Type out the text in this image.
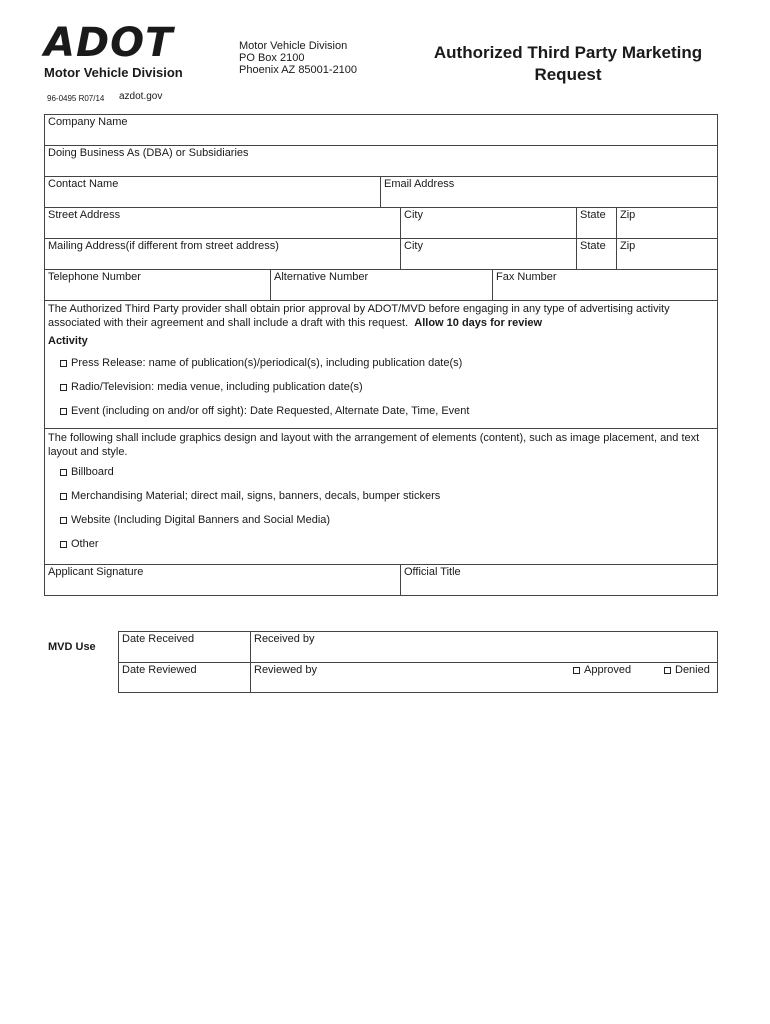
ADOT
Motor Vehicle Division
96-0495 R07/14 azdot.gov
Motor Vehicle Division
PO Box 2100
Phoenix AZ 85001-2100
Authorized Third Party Marketing
Request
Company Name
Doing Business As (DBA) or Subsidiaries
Contact Name	Email Address
Street Address	City	State Zip
Mailing Address(if different from street address)	City	State Zip
Telephone Number	Alternative Number	Fax Number
The Authorized Third Party provider shall obtain prior approval by ADOT/MVD before engaging in any type of advertising activity associated with their agreement and shall include a draft with this request. Allow 10 days for review
Activity
Press Release: name of publication(s)/periodical(s), including publication date(s)
Radio/Television: media venue, including publication date(s)
Event (including on and/or off sight): Date Requested, Alternate Date, Time, Event
The following shall include graphics design and layout with the arrangement of elements (content), such as image placement, and text layout and style.
Billboard
Merchandising Material; direct mail, signs, banners, decals, bumper stickers
Website (Including Digital Banners and Social Media)
Other
Applicant Signature	Official Title
MVD Use
Date Received	Received by
Date Reviewed	Reviewed by	Approved	Denied
